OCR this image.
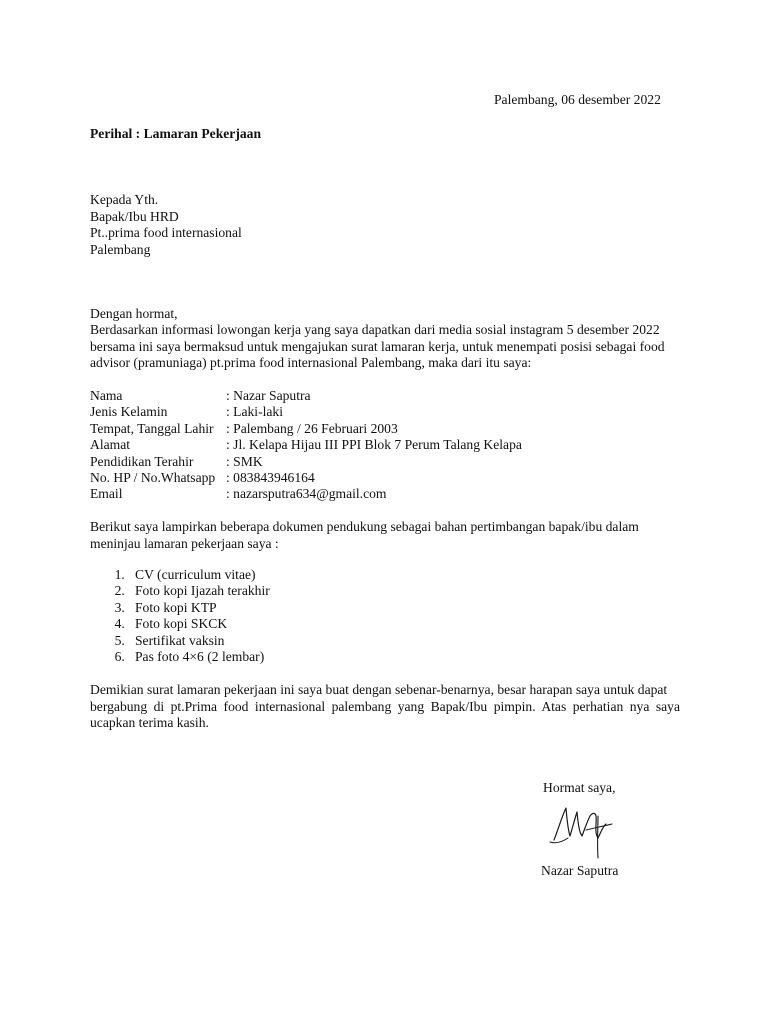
Palembang, 06 desember 2022
Perihal : Lamaran Pekerjaan
Kepada Yth.
Bapak/Ibu HRD
Pt..prima food internasional
Palembang
Dengan hormat,
Berdasarkan informasi lowongan kerja yang saya dapatkan dari media sosial instagram 5 desember 2022
bersama ini saya bermaksud untuk mengajukan surat lamaran kerja, untuk menempati posisi sebagai food
advisor (pramuniaga) pt.prima food internasional Palembang, maka dari itu saya:
Nama	: Nazar Saputra
Jenis Kelamin	: Laki-laki
Tempat, Tanggal Lahir : Palembang / 26 Februari 2003
Alamat	: Jl. Kelapa Hijau III PPI Blok 7 Perum Talang Kelapa
Pendidikan Terahir	: SMK
No. HP / No.Whatsapp : 083843946164
Email	: nazarsputra634@gmail.com
Berikut saya lampirkan beberapa dokumen pendukung sebagai bahan pertimbangan bapak/ibu dalam
meninjau lamaran pekerjaan saya :
1. CV (curriculum vitae)
2. Foto kopi Ijazah terakhir
3. Foto kopi KTP
4. Foto kopi SKCK
5. Sertifikat vaksin
6. Pas foto 4×6 (2 lembar)
Demikian surat lamaran pekerjaan ini saya buat dengan sebenar-benarnya, besar harapan saya untuk dapat
bergabung di pt.Prima food internasional palembang yang Bapak/Ibu pimpin. Atas perhatian nya saya
ucapkan terima kasih.
Hormat saya,
Nazar Saputra
